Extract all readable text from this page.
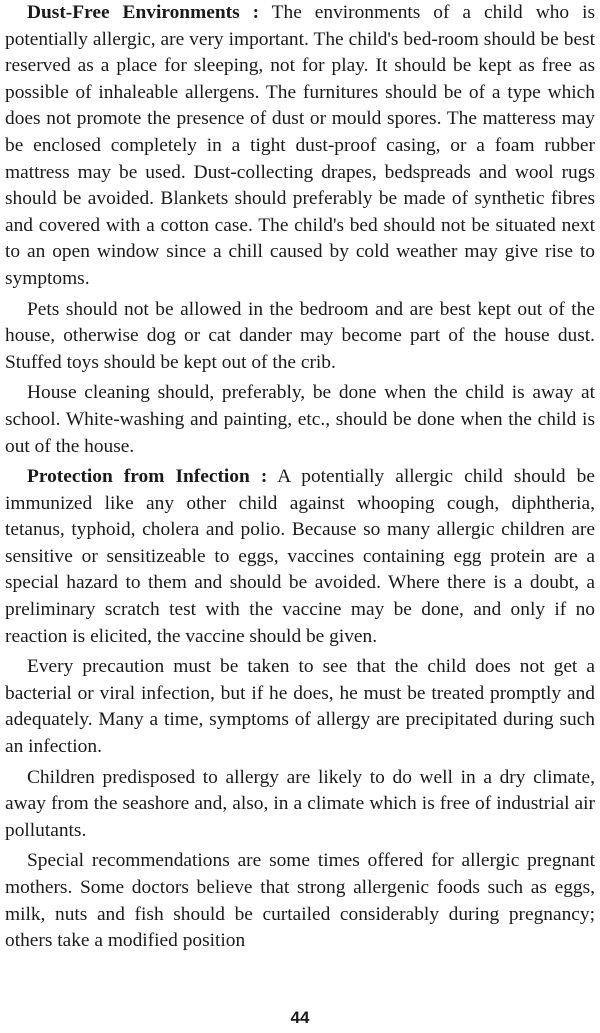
Dust-Free Environments : The environments of a child who is potentially allergic, are very important. The child's bed-room should be best reserved as a place for sleeping, not for play. It should be kept as free as possible of inhaleable allergens. The furnitures should be of a type which does not promote the presence of dust or mould spores. The matteress may be enclosed completely in a tight dust-proof casing, or a foam rubber mattress may be used. Dust-collecting drapes, bedspreads and wool rugs should be avoided. Blankets should preferably be made of synthetic fibres and covered with a cotton case. The child's bed should not be situated next to an open window since a chill caused by cold weather may give rise to symptoms.

Pets should not be allowed in the bedroom and are best kept out of the house, otherwise dog or cat dander may become part of the house dust. Stuffed toys should be kept out of the crib.

House cleaning should, preferably, be done when the child is away at school. White-washing and painting, etc., should be done when the child is out of the house.

Protection from Infection : A potentially allergic child should be immunized like any other child against whooping cough, diphtheria, tetanus, typhoid, cholera and polio. Because so many allergic children are sensitive or sensitizeable to eggs, vaccines containing egg protein are a special hazard to them and should be avoided. Where there is a doubt, a preliminary scratch test with the vaccine may be done, and only if no reaction is elicited, the vaccine should be given.

Every precaution must be taken to see that the child does not get a bacterial or viral infection, but if he does, he must be treated promptly and adequately. Many a time, symptoms of allergy are precipitated during such an infection.

Children predisposed to allergy are likely to do well in a dry climate, away from the seashore and, also, in a climate which is free of industrial air pollutants.

Special recommendations are some times offered for allergic pregnant mothers. Some doctors believe that strong allergenic foods such as eggs, milk, nuts and fish should be curtailed considerably during pregnancy; others take a modified position

44
